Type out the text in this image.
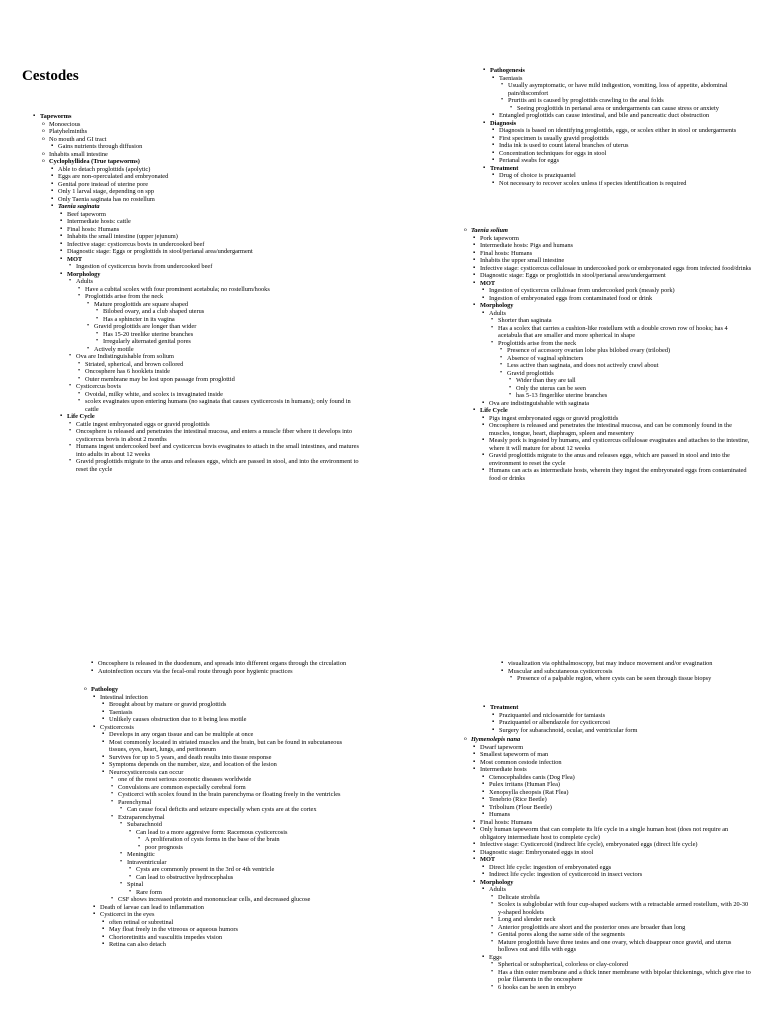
Cestodes
▪ Tapeworms
o Monoecious
o Platyhelminths
o No mouth and GI tract
▪ Gains nutrients through diffusion
o Inhabits small intestine
o Cyclophyllidea (True tapeworms)
▪ Able to detach proglottids (apolytic)
▪ Eggs are non-operculated and embryonated
▪ Genital pore instead of uterine pore
▪ Only 1 larval stage, depending on spp
▪ Only Taenia saginata has no rostellum
▪ Taenia saginata
▪ Beef tapeworm
▪ Intermediate hosts: cattle
▪ Final hosts: Humans
▪ Inhabits the small intestine (upper jejunum)
▪ Infective stage: cysticercus bovis in undercooked beef
▪ Diagnostic stage: Eggs or proglottids in stool/perianal area/undergarment
▪ MOT
• Ingestion of cysticercus bovis from undercooked beef
▪ Morphology
• Adults
• Have a cubital scolex with four prominent acetabula; no rostellum/hooks
• Proglottids arise from the neck
• Mature proglottids are square shaped
• Bilobed ovary, and a club shaped uterus
• Has a sphincter in its vagina
• Gravid proglottids are longer than wider
• Has 15-20 treelike uterine branches
• Irregularly alternated genital pores
• Actively motile
• Ova are Indistinguishable from solium
• Striated, spherical, and brown collored
• Oncosphere has 6 hooklets inside
• Outer membrane may be lost upon passage from proglottid
• Cysticercus bovis
• Ovoidal, milky white, and scolex is invaginated inside
• scolex evaginates upon entering humans (no saginata that causes cysticercosis in humans); only found in cattle
▪ Life Cycle
• Cattle ingest embryonated eggs or gravid proglottids
• Oncosphere is released and penetrates the intestinal mucosa, and enters a muscle fiber where it develops into cysticercus bovis in about 2 months
• Humans ingest undercooked beef and cysticercus bovis evaginates to attach in the small intestines, and matures into adults in about 12 weeks
• Gravid proglottids migrate to the anus and releases eggs, which are passed in stool, and into the environment to reset the cycle
▪ Pathogenesis
▪ Taeniasis
• Usually asymptomatic, or have mild indigestion, vomiting, loss of appetite, abdominal pain/discomfort
• Pruritis ani is caused by proglottids crawling to the anal folds
• Seeing proglottids in perianal area or undergarments can cause stress or anxiety
▪ Entangled proglottids can cause intestinal, and bile and pancreatic duct obstruction
▪ Diagnosis
▪ Diagnosis is based on identifying proglottids, eggs, or scolex either in stool or undergarments
▪ First specimen is usually gravid proglottids
▪ India ink is used to count lateral branches of uterus
▪ Concentration techniques for eggs in stool
▪ Perianal swabs for eggs
▪ Treatment
▪ Drug of choice is praziquantel
▪ Not necessary to recover scolex unless if species identification is required
o Taenia solium
▪ Pork tapeworm
▪ Intermediate hosts: Pigs and humans
▪ Final hosts: Humans
▪ Inhabits the upper small intestine
▪ Infective stage: cysticercus cellulosae in undercooked pork or embryonated eggs from infected food/drinks
▪ Diagnostic stage: Eggs or proglottids in stool/perianal area/undergarment
▪ MOT
▪ Ingestion of cysticercus cellulosae from undercooked pork (measly pork)
▪ Ingestion of embryonated eggs from contaminated food or drink
▪ Morphology
▪ Adults
• Shorter than saginata
• Has a scolex that carries a cushion-like rostellum with a double crown row of hooks; has 4 acetabula that are smaller and more spherical in shape
• Proglottids arise from the neck
• Presence of accessory ovarian lobe plus bilobed ovary (trilobed)
• Absence of vaginal sphincters
• Less active than saginata, and does not actively crawl about
• Gravid proglottids
• Wider than they are tall
• Only the uterus can be seen
• has 5-13 fingerlike uterine branches
▪ Ova are indistinguishable with saginata
▪ Life Cycle
▪ Pigs ingest embryonated eggs or gravid proglottids
▪ Oncosphere is released and penetrates the intestinal mucosa, and can be commonly found in the muscles, tongue, heart, diaphragm, spleen and mesentery
▪ Measly pork is ingested by humans, and cysticercus cellulosae evaginates and attaches to the intestine, where it will mature for about 12 weeks
▪ Gravid proglottids migrate to the anus and releases eggs, which are passed in stool and into the environment to reset the cycle
▪ Humans can acts as intermediate hosts, wherein they ingest the embryonated eggs from contaminated food or drinks
▪ Oncosphere is released in the duodenum, and spreads into different organs through the circulation
▪ Autoinfection occurs via the fecal-oral route through poor hygienic practices
o Pathology
▪ Intestinal infection
▪ Brought about by mature or gravid proglottids
▪ Taeniasis
▪ Unlikely causes obstruction due to it being less motile
▪ Cysticercosis
▪ Develops in any organ tissue and can be multiple at once
▪ Most commonly located in striated muscles and the brain, but can be found in subcutaneous tissues, eyes, heart, lungs, and peritoneum
▪ Survives for up to 5 years, and death results into tissue response
▪ Symptoms depends on the number, size, and location of the lesion
▪ Neurocysticercosis can occur
• one of the most serious zoonotic diseases worldwide
• Convulsions are common especially cerebral form
• Cysticerci with scolex found in the brain parenchyma or floating freely in the ventricles
• Parenchymal
• Can cause focal deficits and seizure especially when cysts are at the cortex
• Extraparenchymal
• Subarachnoid
• Can lead to a more aggresive form: Racemous cysticercosis
• A proliferation of cysts forms in the base of the brain
• poor prognosis
• Meningitic
• Intraventricular
• Cysts are commonly present in the 3rd or 4th ventricle
• Can lead to obstructive hydrocephalus
• Spinal
• Rare form
• CSF shows increased protein and mononuclear cells, and decreased glucose
▪ Death of larvae can lead to inflammation
▪ Cysticerci in the eyes
▪ often retinal or subretinal
▪ May float freely in the vitreous or aqueous humors
▪ Chorioretinitis and vasculitis impedes vision
▪ Retina can also detach
▪ visualization via ophthalmoscopy, but may induce movement and/or evagination
▪ Muscular and subcutaneous cysticercosis
• Presence of a palpable region, where cysts can be seen through tissue biopsy
▪ Treatment
▪ Praziquantel and niclosamide for tamiasis
▪ Praziquantel or albendazole for cysticercosi
▪ Surgery for subarachnoid, ocular, and ventricular form
o Hymenolepis nana
▪ Dwarf tapeworm
▪ Smallest tapeworm of man
▪ Most common cestode infection
▪ Intermediate hosts
▪ Ctenocephalides canis (Dog Flea)
▪ Pulex irritans (Human Flea)
▪ Xenopsylla cheopsis (Rat Flea)
▪ Tenebrio (Rice Beetle)
▪ Tribolium (Flour Beetle)
▪ Humans
▪ Final hosts: Humans
▪ Only human tapeworm that can complete its life cycle in a single human host (does not require an obligatory intermediate host to complete cycle)
▪ Infective stage: Cysticercoid (indirect life cycle), embryonated eggs (direct life cycle)
▪ Diagnostic stage: Embryonated eggs in stool
▪ MOT
▪ Direct life cycle: ingestion of embryonated eggs
▪ Indirect life cycle: ingestion of cysticercoid in insect vectors
▪ Morphology
▪ Adults
• Delicate strobila
• Scolex is subglobular with four cup-shaped suckers with a retractable armed rostellum, with 20-30 y-shaped hooklets
• Long and slender neck
• Anterior proglottids are short and the posterior ones are broader than long
• Genital pores along the same side of the segments
• Mature proglottids have three testes and one ovary, which disappear once gravid, and uterus hollows out and fills with eggs
▪ Eggs
• Spherical or subspherical, colorless or clay-colored
• Has a thin outer membrane and a thick inner membrane with bipolar thickenings, which give rise to polar filaments in the oncosphere
• 6 hooks can be seen in embryo
